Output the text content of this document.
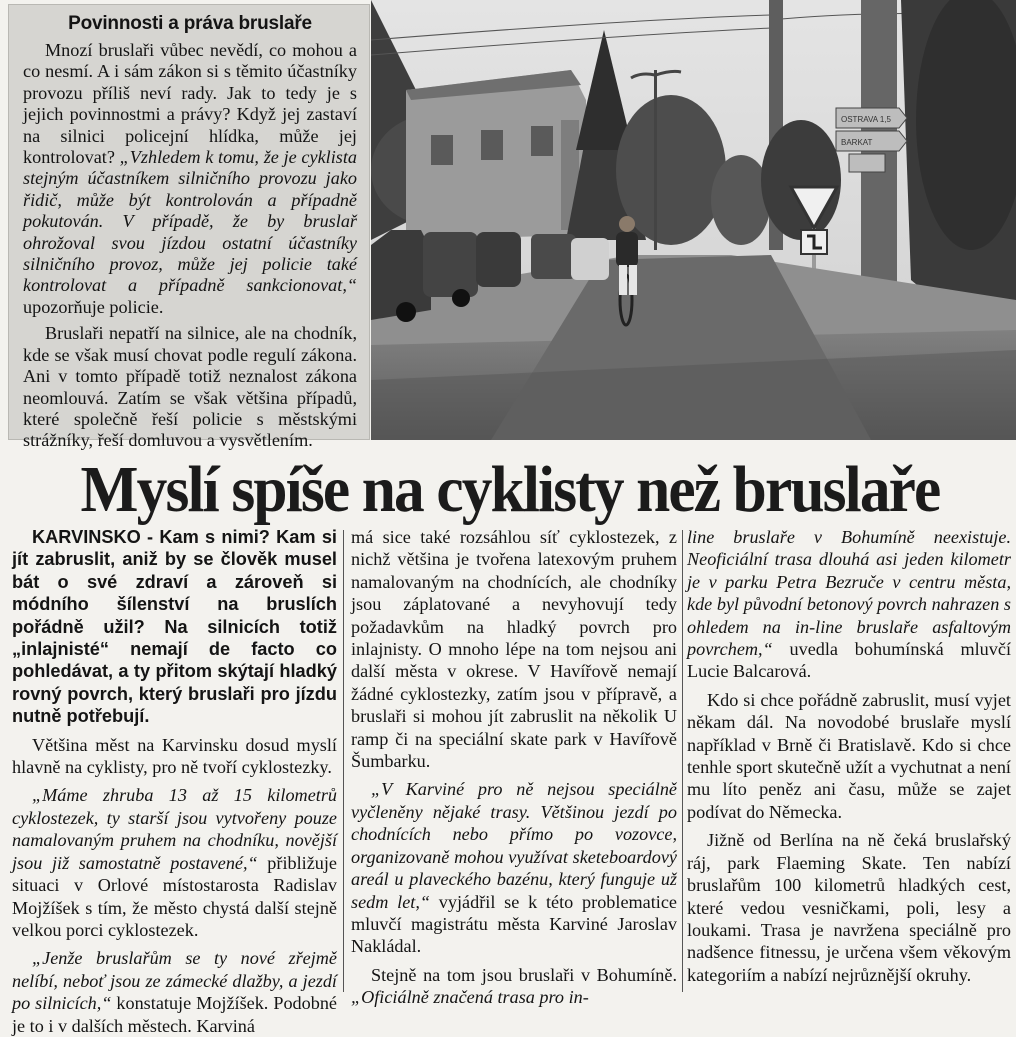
Povinnosti a práva bruslaře

Mnozí bruslaři vůbec nevědí, co mohou a co nesmí. A i sám zákon si s těmito účastníky provozu příliš neví rady. Jak to tedy je s jejich povinnostmi a právy? Když jej zastaví na silnici policejní hlídka, může jej kontrolovat? „Vzhledem k tomu, že je cyklista stejným účastníkem silničního provozu jako řidič, může být kontrolován a případně pokutován. V případě, že by bruslař ohrožoval svou jízdou ostatní účastníky silničního provoz, může jej policie také kontrolovat a případně sankcionovat,“ upozorňuje policie.

Bruslaři nepatří na silnice, ale na chodník, kde se však musí chovat podle regulí zákona. Ani v tomto případě totiž neznalost zákona neomlouvá. Zatím se však většina případů, které společně řeší policie s městskými strážníky, řeší domluvou a vysvětlením.

OSTRAVA 1,5
BARKAT
Myslí spíše na cyklisty než bruslaře

KARVINSKO - Kam s nimi? Kam si jít zabruslit, aniž by se člověk musel bát o své zdraví a zároveň si módního šílenství na bruslích pořádně užil? Na silnicích totiž „inlajnisté“ nemají de facto co pohledávat, a ty přitom skýtají hladký rovný povrch, který bruslaři pro jízdu nutně potřebují.

Většina měst na Karvinsku dosud myslí hlavně na cyklisty, pro ně tvoří cyklostezky.

„Máme zhruba 13 až 15 kilometrů cyklostezek, ty starší jsou vytvořeny pouze namalovaným pruhem na chodníku, novější jsou již samostatně postavené,“ přibližuje situaci v Orlové místostarosta Radislav Mojžíšek s tím, že město chystá další stejně velkou porci cyklostezek.

„Jenže bruslařům se ty nové zřejmě nelíbí, neboť jsou ze zámecké dlažby, a jezdí po silnicích,“ konstatuje Mojžíšek. Podobné je to i v dalších městech. Karviná

má sice také rozsáhlou síť cyklostezek, z nichž většina je tvořena latexovým pruhem namalovaným na chodnících, ale chodníky jsou záplatované a nevyhovují tedy požadavkům na hladký povrch pro inlajnisty. O mnoho lépe na tom nejsou ani další města v okrese. V Havířově nemají žádné cyklostezky, zatím jsou v přípravě, a bruslaři si mohou jít zabruslit na několik U ramp či na speciální skate park v Havířově Šumbarku.

„V Karviné pro ně nejsou speciálně vyčleněny nějaké trasy. Většinou jezdí po chodnících nebo přímo po vozovce, organizovaně mohou využívat sketeboardový areál u plaveckého bazénu, který funguje už sedm let,“ vyjádřil se k této problematice mluvčí magistrátu města Karviné Jaroslav Nakládal.

Stejně na tom jsou bruslaři v Bohumíně. „Oficiálně značená trasa pro in-

line bruslaře v Bohumíně neexistuje. Neoficiální trasa dlouhá asi jeden kilometr je v parku Petra Bezruče v centru města, kde byl původní betonový povrch nahrazen s ohledem na in-line bruslaře asfaltovým povrchem,“ uvedla bohumínská mluvčí Lucie Balcarová.

Kdo si chce pořádně zabruslit, musí vyjet někam dál. Na novodobé bruslaře myslí například v Brně či Bratislavě. Kdo si chce tenhle sport skutečně užít a vychutnat a není mu líto peněz ani času, může se zajet podívat do Německa.

Jižně od Berlína na ně čeká bruslařský ráj, park Flaeming Skate. Ten nabízí bruslařům 100 kilometrů hladkých cest, které vedou vesničkami, poli, lesy a loukami. Trasa je navržena speciálně pro nadšence fitnessu, je určena všem věkovým kategoriím a nabízí nejrůznější okruhy.
